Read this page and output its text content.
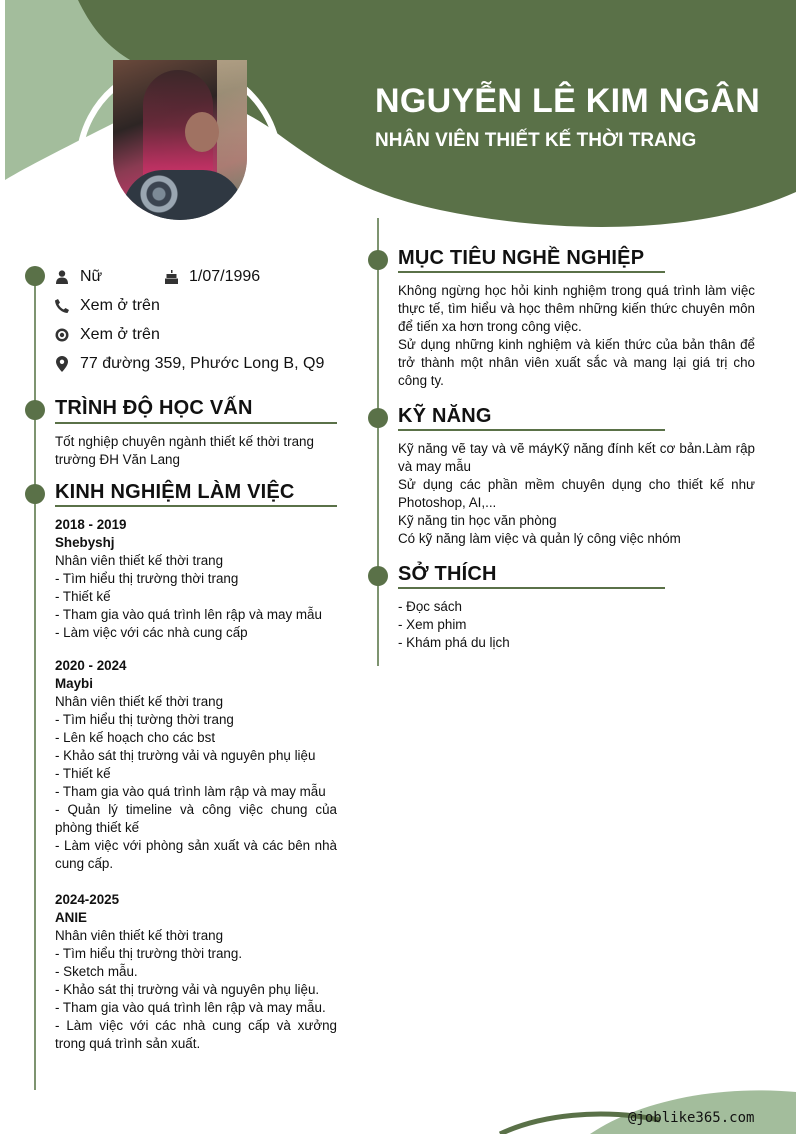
NGUYỄN LÊ KIM NGÂN
NHÂN VIÊN THIẾT KẾ THỜI TRANG
Nữ	1/07/1996
Xem ở trên
Xem ở trên
77 đường 359, Phước Long B, Q9
TRÌNH ĐỘ HỌC VẤN
Tốt nghiệp chuyên ngành thiết kế thời trang
trường ĐH Văn Lang
KINH NGHIỆM LÀM VIỆC
2018 - 2019
Shebyshj
Nhân viên thiết kế thời trang
- Tìm hiểu thị trường thời trang
- Thiết kế
- Tham gia vào quá trình lên rập và may mẫu
- Làm việc với các nhà cung cấp
2020 - 2024
Maybi
Nhân viên thiết kế thời trang
- Tìm hiểu thị tường thời trang
- Lên kế hoạch cho các bst
- Khảo sát thị trường vải và nguyên phụ liệu
- Thiết kế
- Tham gia vào quá trình làm rập và may mẫu
- Quản lý timeline và công việc chung của phòng thiết kế
- Làm việc với phòng sản xuất và các bên nhà cung cấp.
2024-2025
ANIE
Nhân viên thiết kế thời trang
- Tìm hiểu thị trường thời trang.
- Sketch mẫu.
- Khảo sát thị trường vải và nguyên phụ liệu.
- Tham gia vào quá trình lên rập và may mẫu.
- Làm việc với các nhà cung cấp và xưởng trong quá trình sản xuất.
MỤC TIÊU NGHỀ NGHIỆP
Không ngừng học hỏi kinh nghiệm trong quá trình làm việc thực tế, tìm hiểu và học thêm những kiến thức chuyên môn để tiến xa hơn trong công việc.
Sử dụng những kinh nghiệm và kiến thức của bản thân để trở thành một nhân viên xuất sắc và mang lại giá trị cho công ty.
KỸ NĂNG
Kỹ năng vẽ tay và vẽ máyKỹ năng đính kết cơ bản.Làm rập và may mẫu
Sử dụng các phần mềm chuyên dụng cho thiết kế như Photoshop, AI,...
Kỹ năng tin học văn phòng
Có kỹ năng làm việc và quản lý công việc nhóm
SỞ THÍCH
- Đọc sách
- Xem phim
- Khám phá du lịch
@joblike365.com
